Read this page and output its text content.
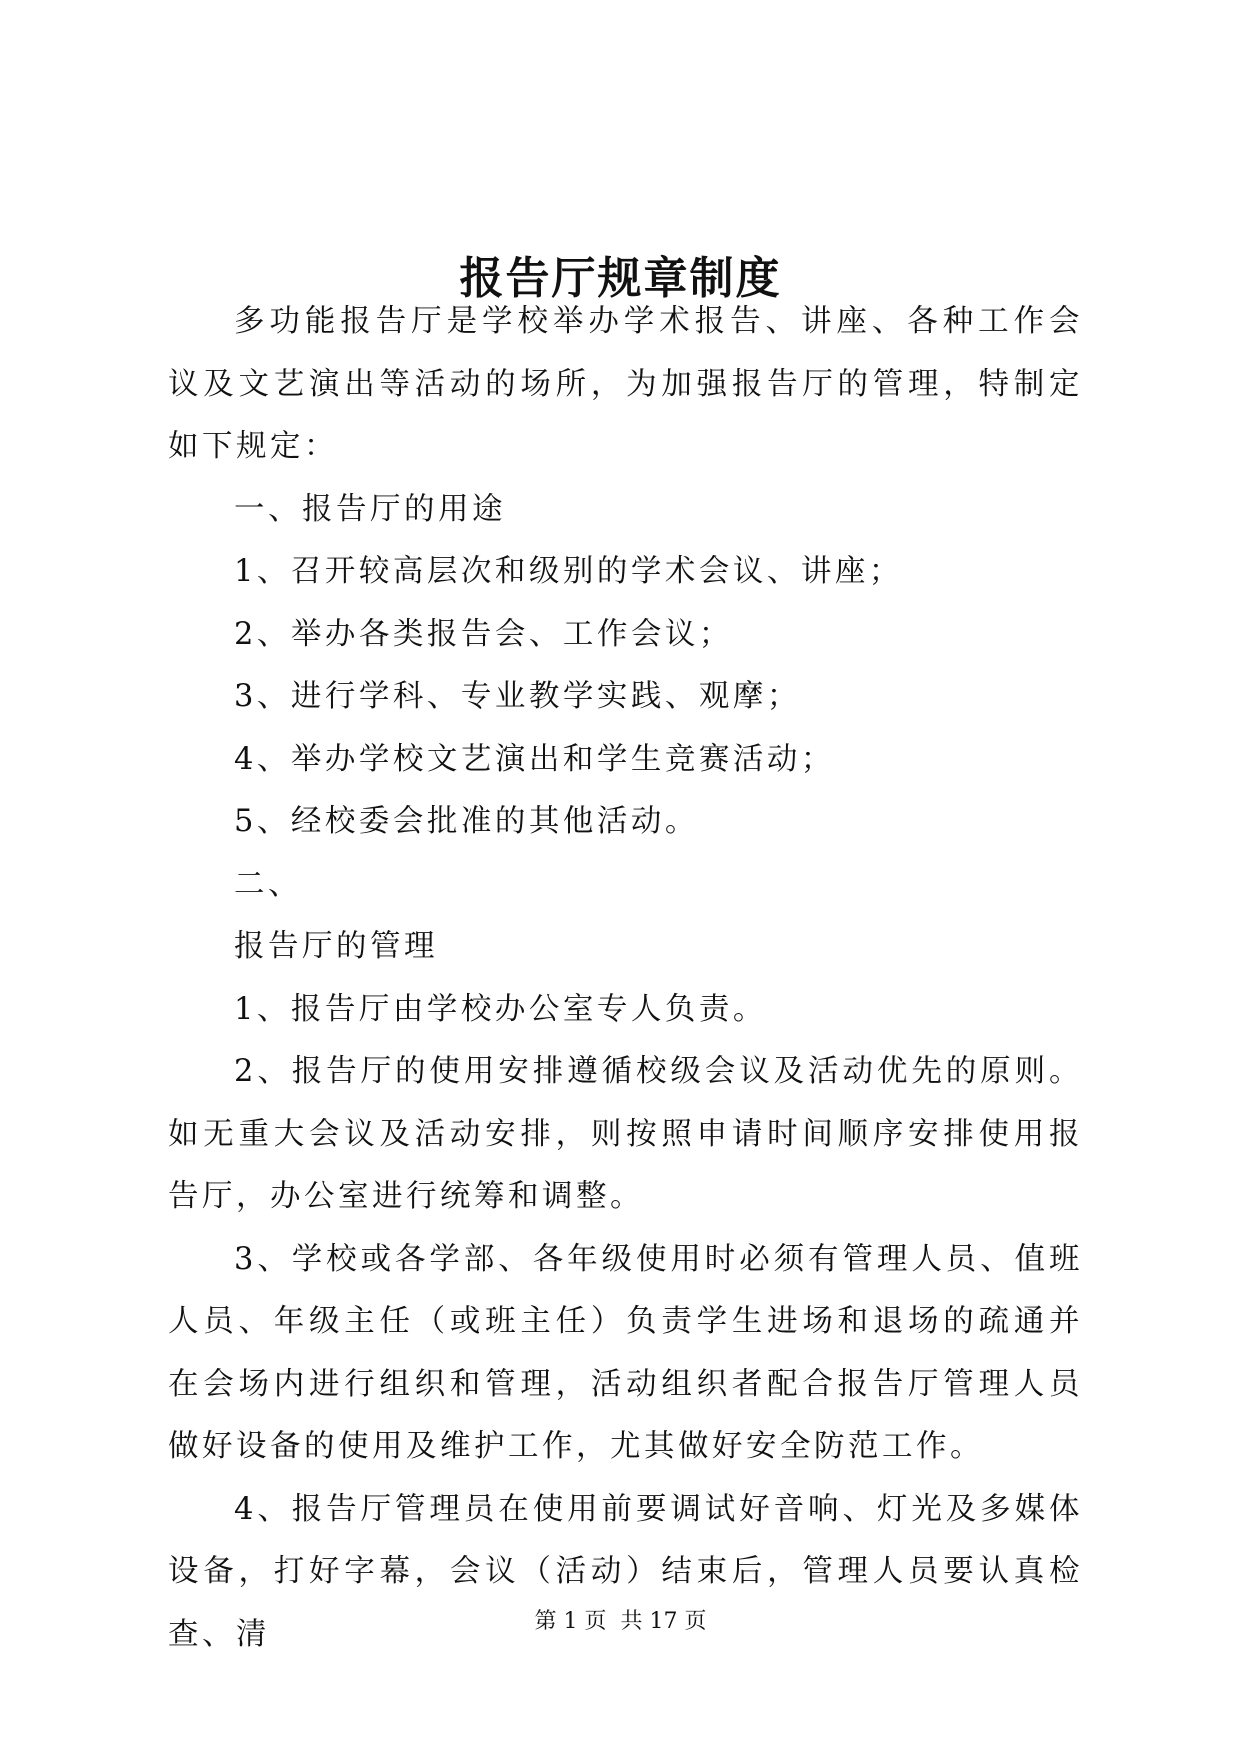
报告厅规章制度

多功能报告厅是学校举办学术报告、讲座、各种工作会议及文艺演出等活动的场所，为加强报告厅的管理，特制定如下规定：

一、报告厅的用途

1、召开较高层次和级别的学术会议、讲座；

2、举办各类报告会、工作会议；

3、进行学科、专业教学实践、观摩；

4、举办学校文艺演出和学生竞赛活动；

5、经校委会批准的其他活动。

二、

报告厅的管理

1、报告厅由学校办公室专人负责。

2、报告厅的使用安排遵循校级会议及活动优先的原则。如无重大会议及活动安排，则按照申请时间顺序安排使用报告厅，办公室进行统筹和调整。

3、学校或各学部、各年级使用时必须有管理人员、值班人员、年级主任（或班主任）负责学生进场和退场的疏通并在会场内进行组织和管理，活动组织者配合报告厅管理人员做好设备的使用及维护工作，尤其做好安全防范工作。

4、报告厅管理员在使用前要调试好音响、灯光及多媒体设备，打好字幕，会议（活动）结束后，管理人员要认真检查、清	第 1 页  共 17 页
